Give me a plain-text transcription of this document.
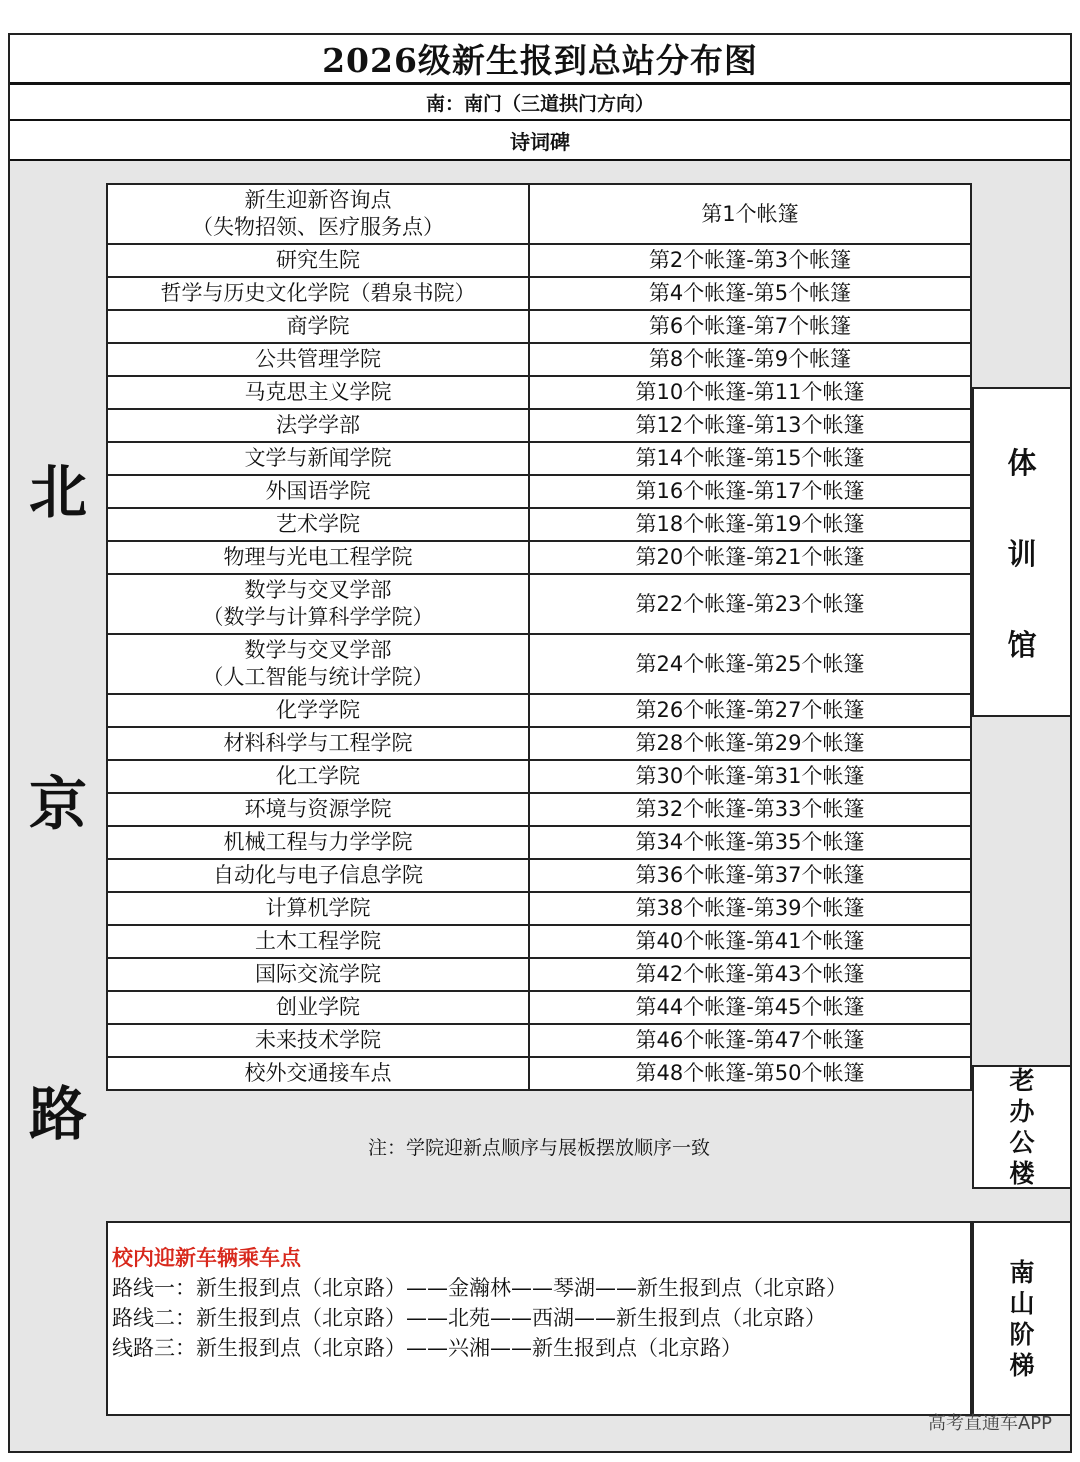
2026级新生报到总站分布图
南：南门（三道拱门方向）
诗词碑
北
京
路
新生迎新咨询点
（失物招领、医疗服务点）	第1个帐篷
研究生院	第2个帐篷-第3个帐篷
哲学与历史文化学院（碧泉书院）	第4个帐篷-第5个帐篷
商学院	第6个帐篷-第7个帐篷
公共管理学院	第8个帐篷-第9个帐篷
马克思主义学院	第10个帐篷-第11个帐篷
法学学部	第12个帐篷-第13个帐篷
文学与新闻学院	第14个帐篷-第15个帐篷
外国语学院	第16个帐篷-第17个帐篷
艺术学院	第18个帐篷-第19个帐篷
物理与光电工程学院	第20个帐篷-第21个帐篷
数学与交叉学部
（数学与计算科学学院）	第22个帐篷-第23个帐篷
数学与交叉学部
（人工智能与统计学院）	第24个帐篷-第25个帐篷
化学学院	第26个帐篷-第27个帐篷
材料科学与工程学院	第28个帐篷-第29个帐篷
化工学院	第30个帐篷-第31个帐篷
环境与资源学院	第32个帐篷-第33个帐篷
机械工程与力学学院	第34个帐篷-第35个帐篷
自动化与电子信息学院	第36个帐篷-第37个帐篷
计算机学院	第38个帐篷-第39个帐篷
土木工程学院	第40个帐篷-第41个帐篷
国际交流学院	第42个帐篷-第43个帐篷
创业学院	第44个帐篷-第45个帐篷
未来技术学院	第46个帐篷-第47个帐篷
校外交通接车点	第48个帐篷-第50个帐篷
注：学院迎新点顺序与展板摆放顺序一致
体
训
馆
老
办
公
楼
校内迎新车辆乘车点
路线一：新生报到点（北京路）——金瀚林——琴湖——新生报到点（北京路）
路线二：新生报到点（北京路）——北苑——西湖——新生报到点（北京路）
线路三：新生报到点（北京路）——兴湘——新生报到点（北京路）
南
山
阶
梯
高考直通车APP
